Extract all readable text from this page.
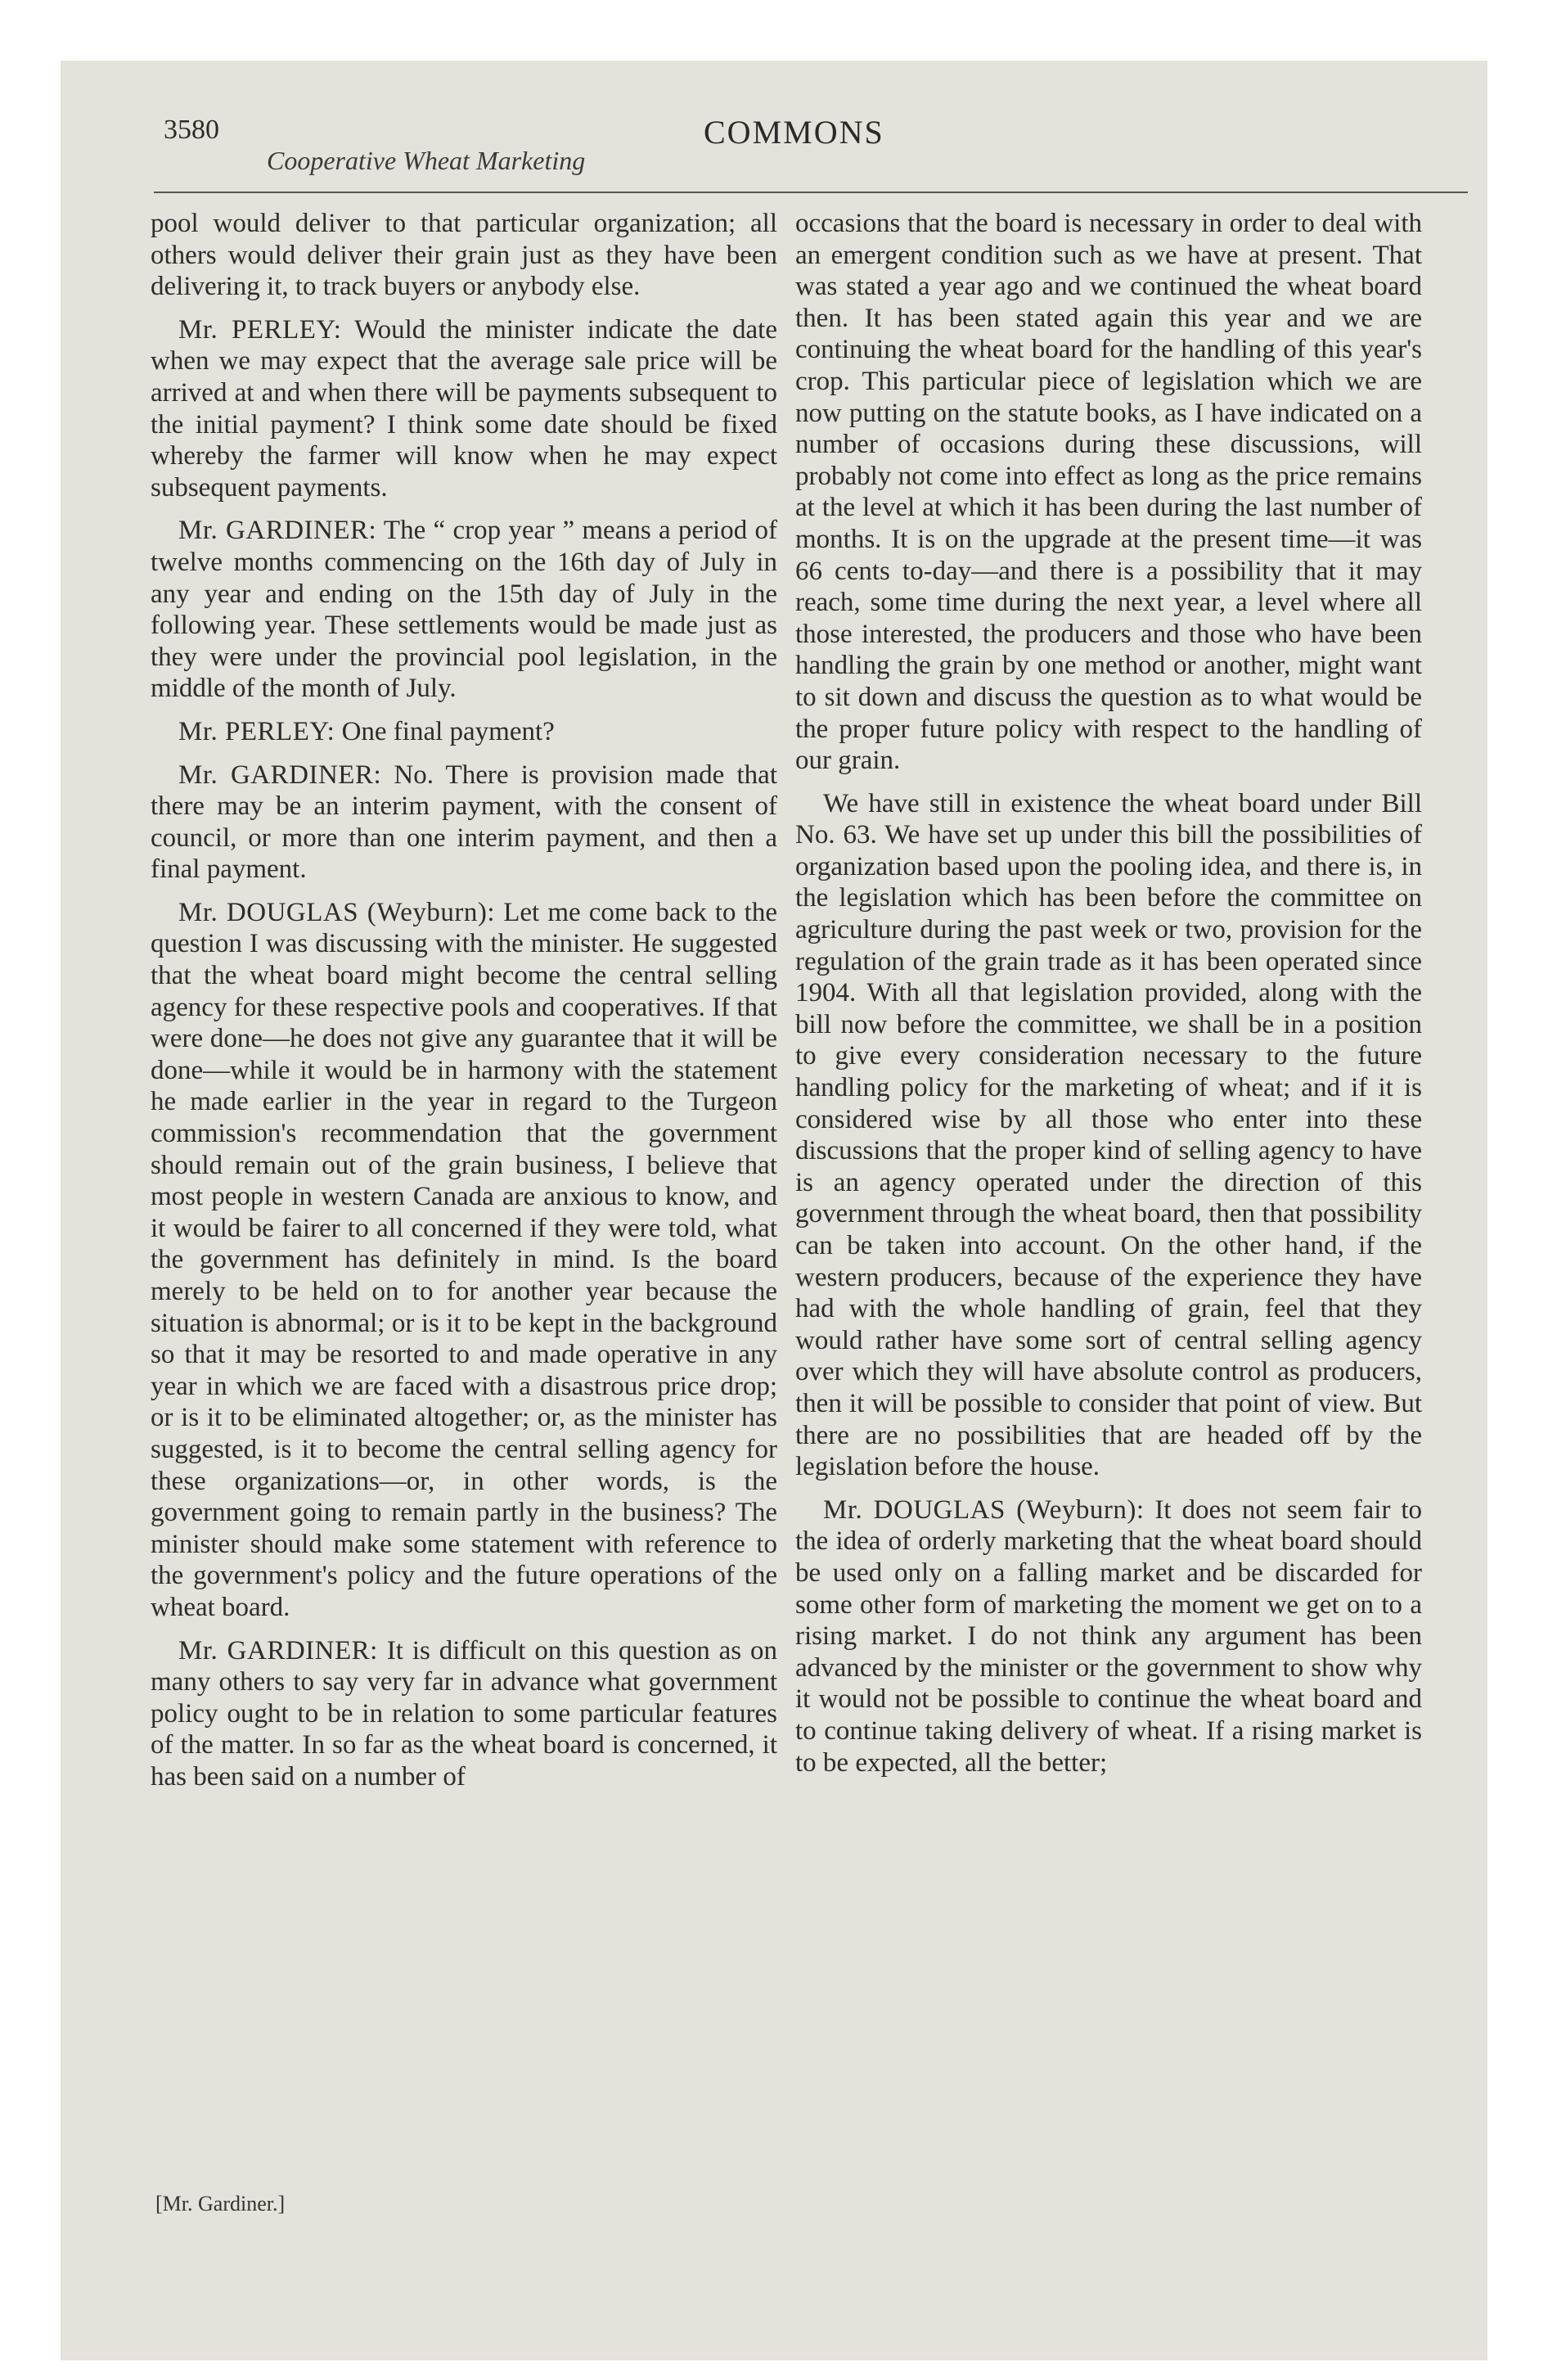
3580
Cooperative Wheat Marketing
COMMONS

pool would deliver to that particular organization; all others would deliver their grain just as they have been delivering it, to track buyers or anybody else.

Mr. PERLEY: Would the minister indicate the date when we may expect that the average sale price will be arrived at and when there will be payments subsequent to the initial payment? I think some date should be fixed whereby the farmer will know when he may expect subsequent payments.

Mr. GARDINER: The “ crop year ” means a period of twelve months commencing on the 16th day of July in any year and ending on the 15th day of July in the following year. These settlements would be made just as they were under the provincial pool legislation, in the middle of the month of July.

Mr. PERLEY: One final payment?

Mr. GARDINER: No. There is provision made that there may be an interim payment, with the consent of council, or more than one interim payment, and then a final payment.

Mr. DOUGLAS (Weyburn): Let me come back to the question I was discussing with the minister. He suggested that the wheat board might become the central selling agency for these respective pools and cooperatives. If that were done—he does not give any guarantee that it will be done—while it would be in harmony with the statement he made earlier in the year in regard to the Turgeon commission's recommendation that the government should remain out of the grain business, I believe that most people in western Canada are anxious to know, and it would be fairer to all concerned if they were told, what the government has definitely in mind. Is the board merely to be held on to for another year because the situation is abnormal; or is it to be kept in the background so that it may be resorted to and made operative in any year in which we are faced with a disastrous price drop; or is it to be eliminated altogether; or, as the minister has suggested, is it to become the central selling agency for these organizations—or, in other words, is the government going to remain partly in the business? The minister should make some statement with reference to the government's policy and the future operations of the wheat board.

Mr. GARDINER: It is difficult on this question as on many others to say very far in advance what government policy ought to be in relation to some particular features of the matter. In so far as the wheat board is concerned, it has been said on a number of

occasions that the board is necessary in order to deal with an emergent condition such as we have at present. That was stated a year ago and we continued the wheat board then. It has been stated again this year and we are continuing the wheat board for the handling of this year's crop. This particular piece of legislation which we are now putting on the statute books, as I have indicated on a number of occasions during these discussions, will probably not come into effect as long as the price remains at the level at which it has been during the last number of months. It is on the upgrade at the present time—it was 66 cents to-day—and there is a possibility that it may reach, some time during the next year, a level where all those interested, the producers and those who have been handling the grain by one method or another, might want to sit down and discuss the question as to what would be the proper future policy with respect to the handling of our grain.

We have still in existence the wheat board under Bill No. 63. We have set up under this bill the possibilities of organization based upon the pooling idea, and there is, in the legislation which has been before the committee on agriculture during the past week or two, provision for the regulation of the grain trade as it has been operated since 1904. With all that legislation provided, along with the bill now before the committee, we shall be in a position to give every consideration necessary to the future handling policy for the marketing of wheat; and if it is considered wise by all those who enter into these discussions that the proper kind of selling agency to have is an agency operated under the direction of this government through the wheat board, then that possibility can be taken into account. On the other hand, if the western producers, because of the experience they have had with the whole handling of grain, feel that they would rather have some sort of central selling agency over which they will have absolute control as producers, then it will be possible to consider that point of view. But there are no possibilities that are headed off by the legislation before the house.

Mr. DOUGLAS (Weyburn): It does not seem fair to the idea of orderly marketing that the wheat board should be used only on a falling market and be discarded for some other form of marketing the moment we get on to a rising market. I do not think any argument has been advanced by the minister or the government to show why it would not be possible to continue the wheat board and to continue taking delivery of wheat. If a rising market is to be expected, all the better;

[Mr. Gardiner.]
